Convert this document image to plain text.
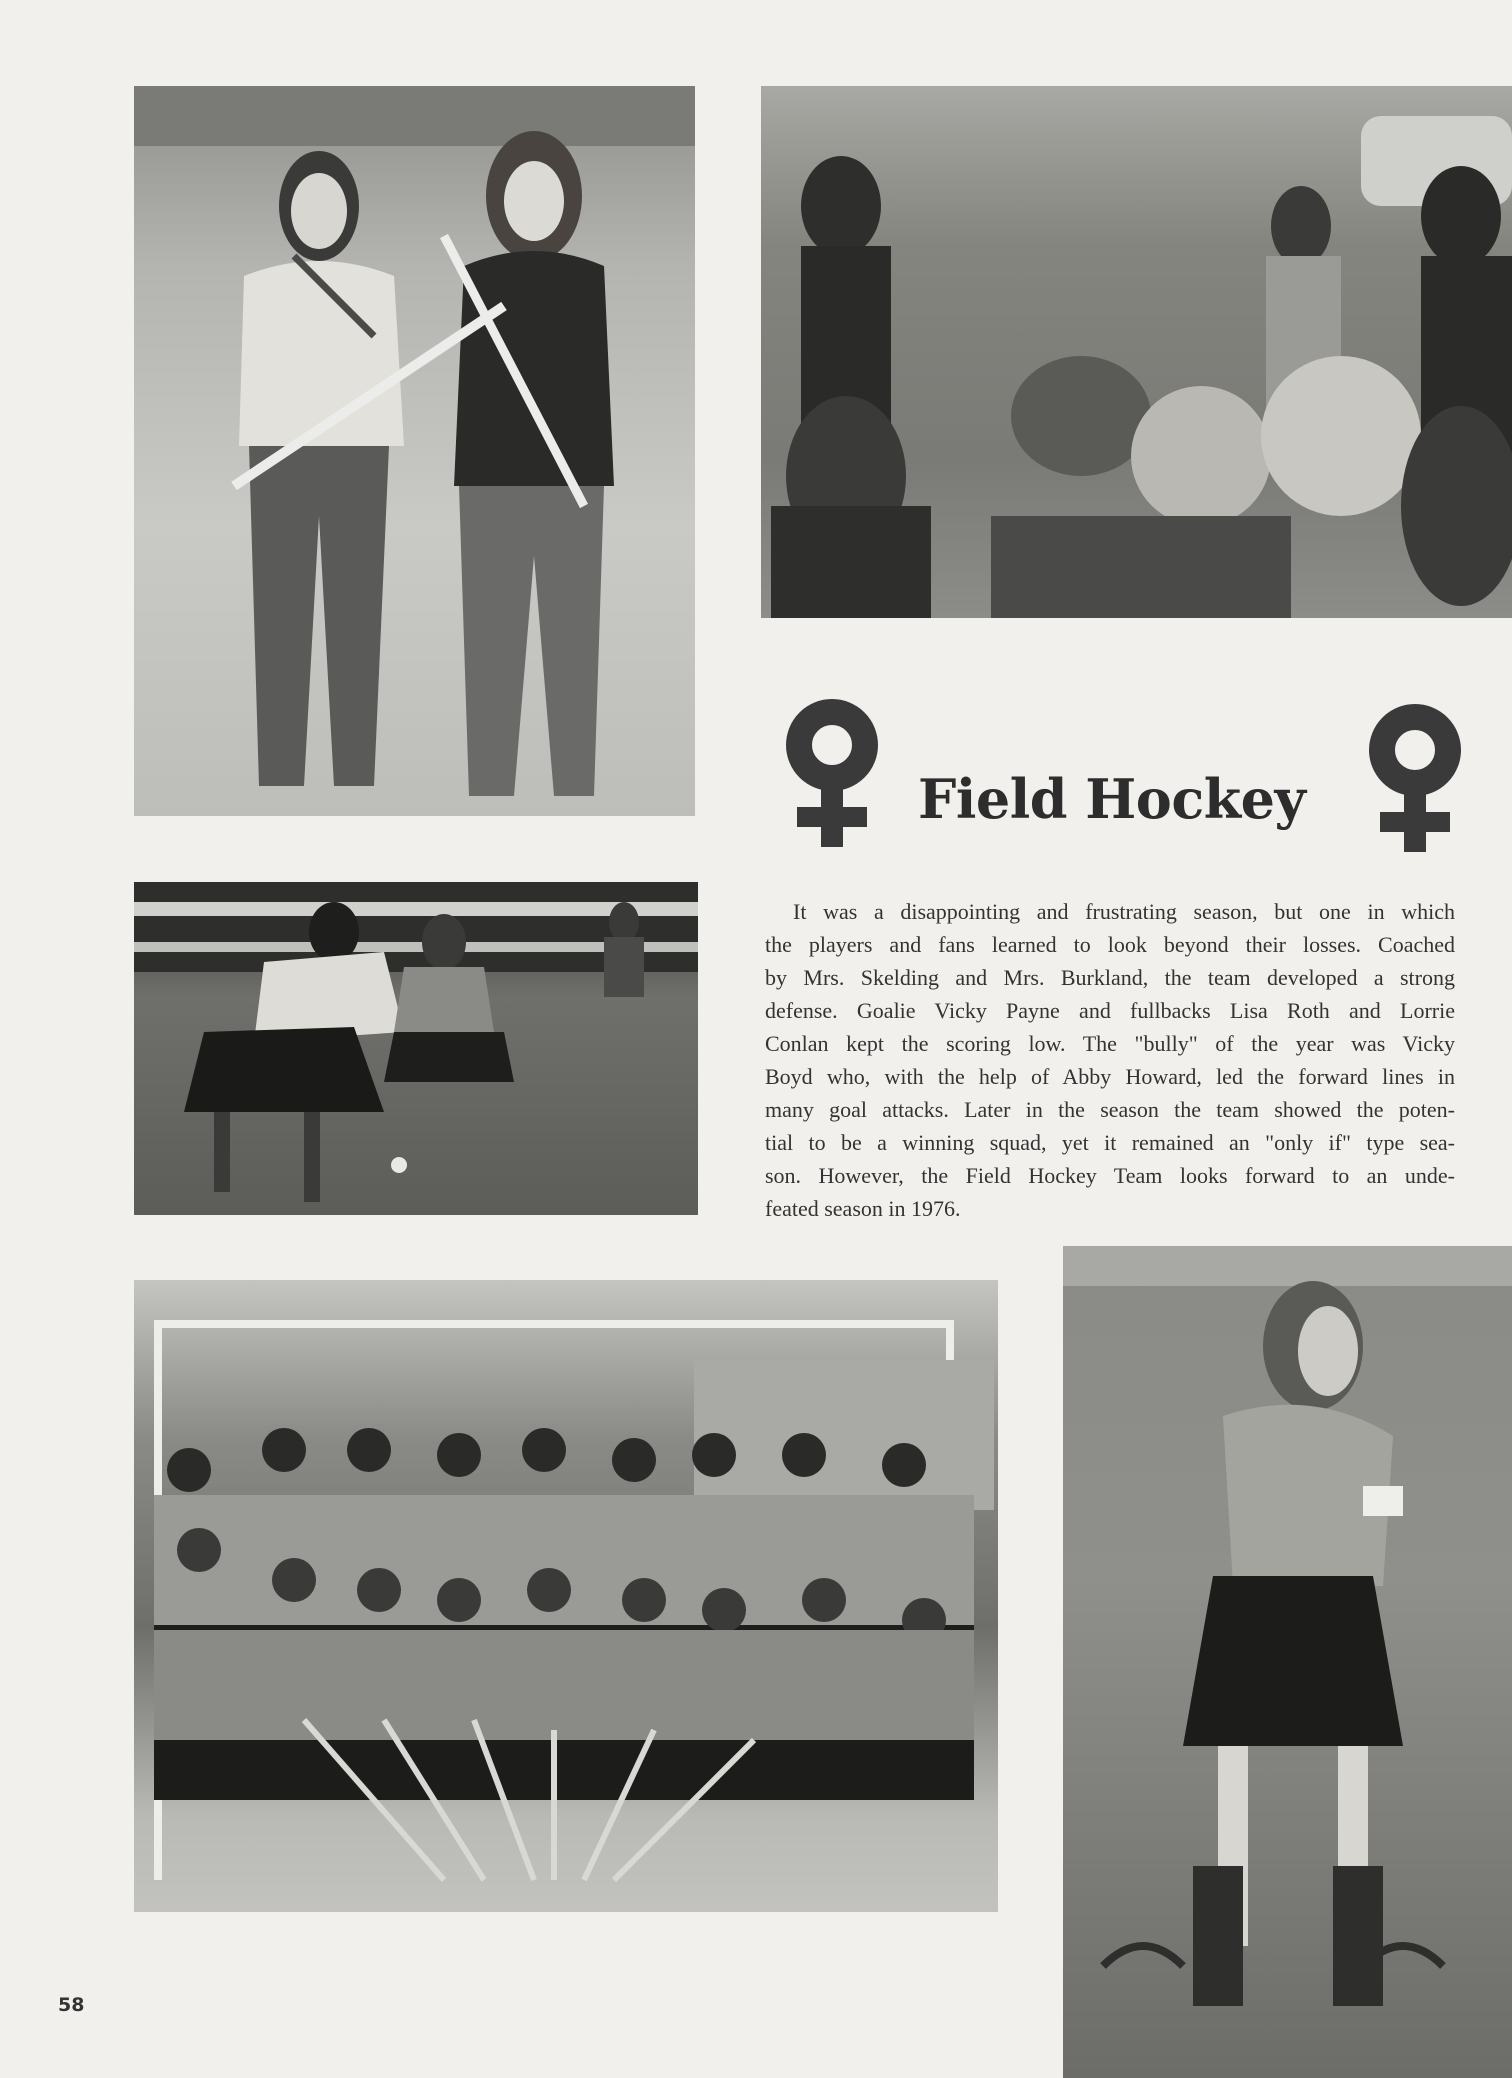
Field Hockey

It was a disappointing and frustrating season, but one in which
the players and fans learned to look beyond their losses. Coached
by Mrs. Skelding and Mrs. Burkland, the team developed a strong
defense. Goalie Vicky Payne and fullbacks Lisa Roth and Lorrie
Conlan kept the scoring low. The "bully" of the year was Vicky
Boyd who, with the help of Abby Howard, led the forward lines in
many goal attacks. Later in the season the team showed the poten-
tial to be a winning squad, yet it remained an "only if" type sea-
son. However, the Field Hockey Team looks forward to an unde-
feated season in 1976.

58
